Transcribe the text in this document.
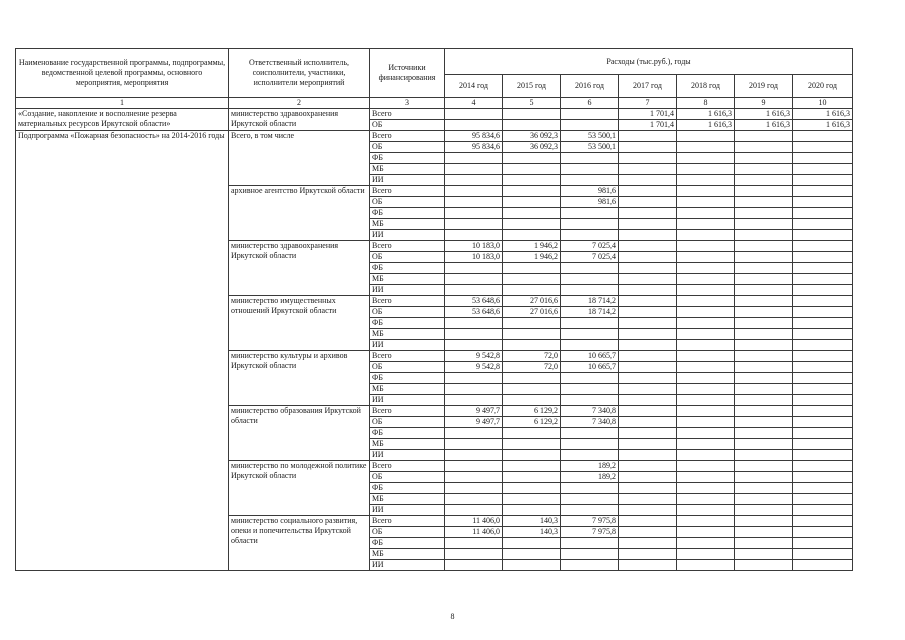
Наименование государственной программы, подпрограммы, ведомственной целевой программы, основного мероприятия, мероприятия	Ответственный исполнитель, соисполнители, участники, исполнители мероприятий	Источники финансирования	Расходы (тыс.руб.), годы						
			2014 год	2015 год	2016 год	2017 год	2018 год	2019 год	2020 год
1	2	3	4	5	6	7	8	9	10
«Создание, накопление и восполнение резерва материальных ресурсов Иркутской области»	министерство здравоохранения Иркутской области	Всего				1 701,4	1 616,3	1 616,3	1 616,3
		ОБ				1 701,4	1 616,3	1 616,3	1 616,3
Подпрограмма «Пожарная безопасность» на 2014-2016 годы	Всего, в том числе	Всего	95 834,6	36 092,3	53 500,1				
		ОБ	95 834,6	36 092,3	53 500,1				
		ФБ							
		МБ							
		ИИ							
	архивное агентство Иркутской области	Всего			981,6				
		ОБ			981,6				
		ФБ							
		МБ							
		ИИ							
	министерство здравоохранения Иркутской области	Всего	10 183,0	1 946,2	7 025,4				
		ОБ	10 183,0	1 946,2	7 025,4				
		ФБ							
		МБ							
		ИИ							
	министерство имущественных отношений Иркутской области	Всего	53 648,6	27 016,6	18 714,2				
		ОБ	53 648,6	27 016,6	18 714,2				
		ФБ							
		МБ							
		ИИ							
	министерство культуры и архивов Иркутской области	Всего	9 542,8	72,0	10 665,7				
		ОБ	9 542,8	72,0	10 665,7				
		ФБ							
		МБ							
		ИИ							
	министерство образования Иркутской области	Всего	9 497,7	6 129,2	7 340,8				
		ОБ	9 497,7	6 129,2	7 340,8				
		ФБ							
		МБ							
		ИИ							
	министерство по молодежной политике Иркутской области	Всего			189,2				
		ОБ			189,2				
		ФБ							
		МБ							
		ИИ							
	министерство социального развития, опеки и попечительства Иркутской области	Всего	11 406,0	140,3	7 975,8				
		ОБ	11 406,0	140,3	7 975,8				
		ФБ							
		МБ							
		ИИ							
8
